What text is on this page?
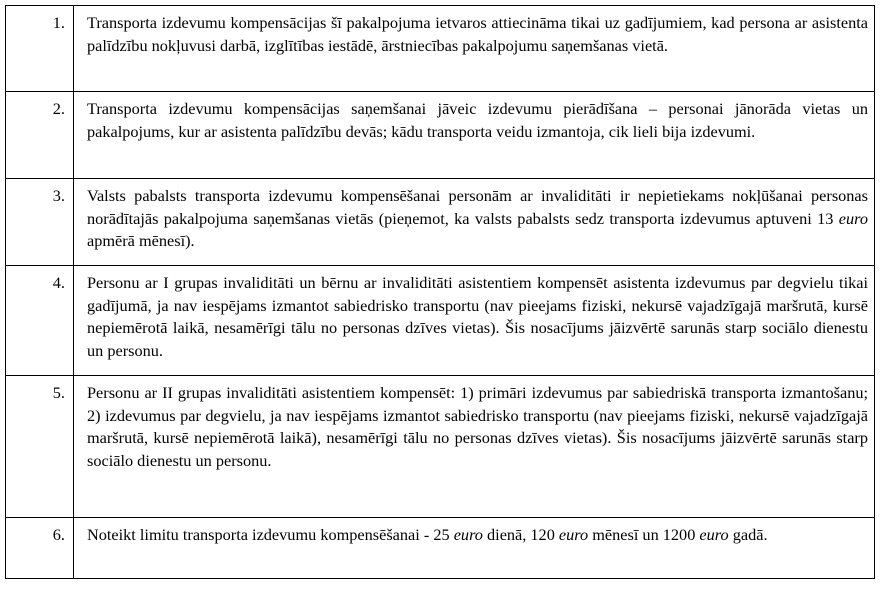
1.	Transporta izdevumu kompensācijas šī pakalpojuma ietvaros attiecināma tikai uz gadījumiem, kad persona ar asistenta palīdzību nokļuvusi darbā, izglītības iestādē, ārstniecības pakalpojumu saņemšanas vietā.

2.	Transporta izdevumu kompensācijas saņemšanai jāveic izdevumu pierādīšana – personai jānorāda vietas un pakalpojums, kur ar asistenta palīdzību devās; kādu transporta veidu izmantoja, cik lieli bija izdevumi.

3.	Valsts pabalsts transporta izdevumu kompensēšanai personām ar invaliditāti ir nepietiekams nokļūšanai personas norādītajās pakalpojuma saņemšanas vietās (pieņemot, ka valsts pabalsts sedz transporta izdevumus aptuveni 13 euro apmērā mēnesī).

4.	Personu ar I grupas invaliditāti un bērnu ar invaliditāti asistentiem kompensēt asistenta izdevumus par degvielu tikai gadījumā, ja nav iespējams izmantot sabiedrisko transportu (nav pieejams fiziski, nekursē vajadzīgajā maršrutā, kursē nepiemērotā laikā, nesamērīgi tālu no personas dzīves vietas). Šis nosacījums jāizvērtē sarunās starp sociālo dienestu un personu.

5.	Personu ar II grupas invaliditāti asistentiem kompensēt: 1) primāri izdevumus par sabiedriskā transporta izmantošanu; 2) izdevumus par degvielu, ja nav iespējams izmantot sabiedrisko transportu (nav pieejams fiziski, nekursē vajadzīgajā maršrutā, kursē nepiemērotā laikā), nesamērīgi tālu no personas dzīves vietas). Šis nosacījums jāizvērtē sarunās starp sociālo dienestu un personu.

6.	Noteikt limitu transporta izdevumu kompensēšanai - 25 euro dienā, 120 euro mēnesī un 1200 euro gadā.
